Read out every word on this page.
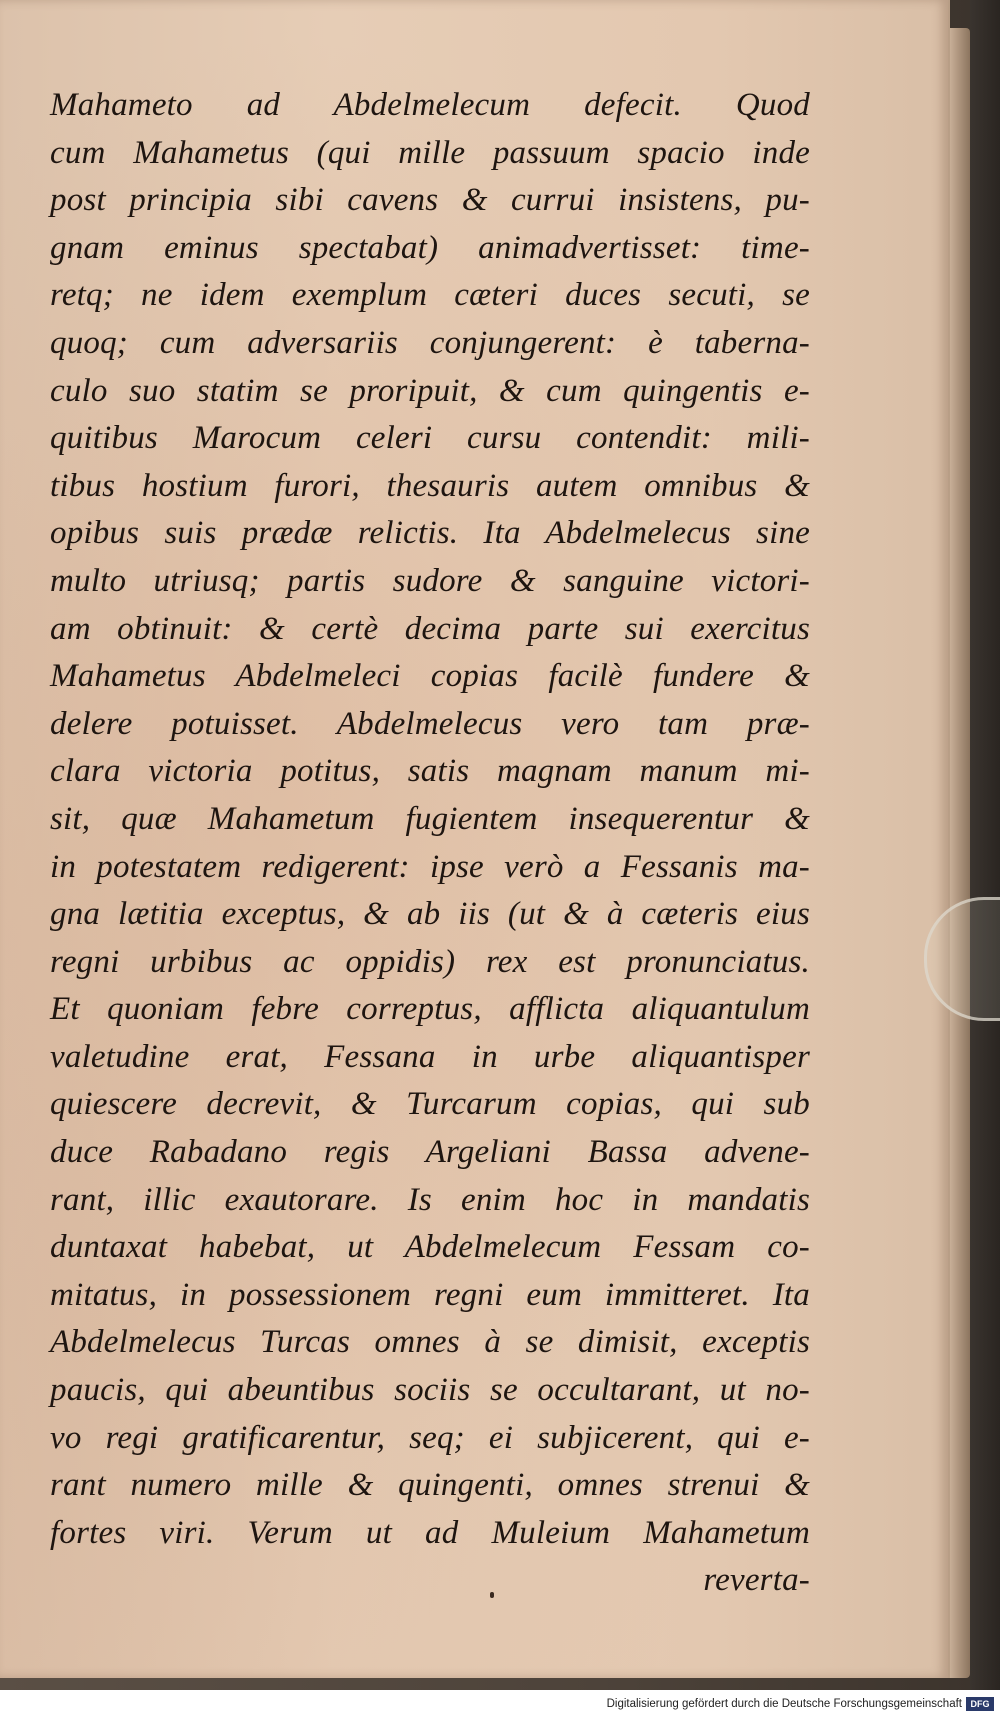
Mahameto ad Abdelmelecum defecit. Quod
cum Mahametus (qui mille passuum spacio inde
post principia sibi cavens & currui insistens, pu-
gnam eminus spectabat) animadvertisset: time-
retq; ne idem exemplum cæteri duces secuti, se
quoq; cum adversariis conjungerent: è taberna-
culo suo statim se proripuit, & cum quingentis e-
quitibus Marocum celeri cursu contendit: mili-
tibus hostium furori, thesauris autem omnibus &
opibus suis prædæ relictis. Ita Abdelmelecus sine
multo utriusq; partis sudore & sanguine victori-
am obtinuit: & certè decima parte sui exercitus
Mahametus Abdelmeleci copias facilè fundere &
delere potuisset. Abdelmelecus vero tam præ-
clara victoria potitus, satis magnam manum mi-
sit, quæ Mahametum fugientem insequerentur &
in potestatem redigerent: ipse verò a Fessanis ma-
gna lætitia exceptus, & ab iis (ut & à cæteris eius
regni urbibus ac oppidis) rex est pronunciatus.
Et quoniam febre correptus, afflicta aliquantulum
valetudine erat, Fessana in urbe aliquantisper
quiescere decrevit, & Turcarum copias, qui sub
duce Rabadano regis Argeliani Bassa advene-
rant, illic exautorare. Is enim hoc in mandatis
duntaxat habebat, ut Abdelmelecum Fessam co-
mitatus, in possessionem regni eum immitteret. Ita
Abdelmelecus Turcas omnes à se dimisit, exceptis
paucis, qui abeuntibus sociis se occultarant, ut no-
vo regi gratificarentur, seq; ei subjicerent, qui e-
rant numero mille & quingenti, omnes strenui &
fortes viri. Verum ut ad Muleium Mahametum
reverta-
Digitalisierung gefördert durch die Deutsche Forschungsgemeinschaft DFG
